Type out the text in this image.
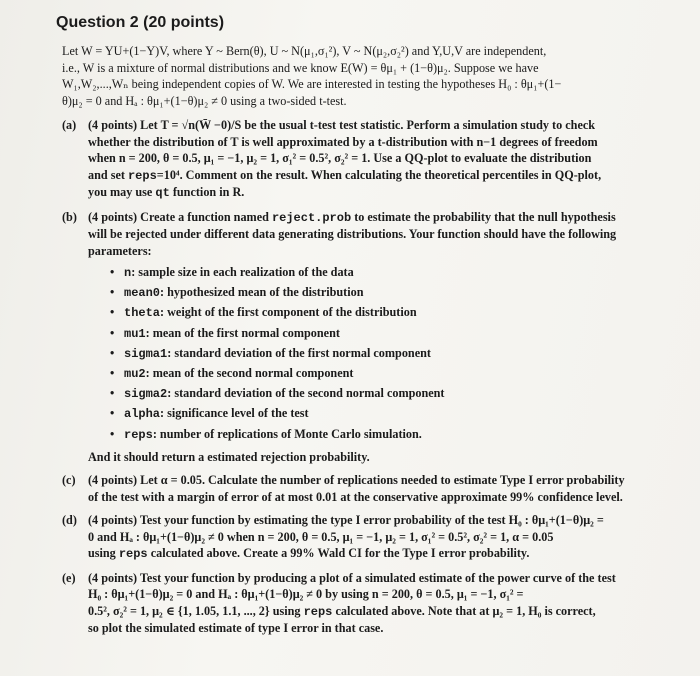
Question 2 (20 points)
Let W = YU+(1−Y)V, where Y ~ Bern(θ), U ~ N(μ₁,σ₁²), V ~ N(μ₂,σ₂²) and Y,U,V are independent,
i.e., W is a mixture of normal distributions and we know E(W) = θμ₁ + (1−θ)μ₂. Suppose we have
W₁,W₂,...,Wₙ being independent copies of W. We are interested in testing the hypotheses H₀ : θμ₁+(1−
θ)μ₂ = 0 and Hₐ : θμ₁+(1−θ)μ₂ ≠ 0 using a two-sided t-test.
(a) (4 points) Let T = √n(W̄ −0)/S be the usual t-test test statistic. Perform a simulation study to check
whether the distribution of T is well approximated by a t-distribution with n−1 degrees of freedom
when n = 200, θ = 0.5, μ₁ = −1, μ₂ = 1, σ₁² = 0.5², σ₂² = 1. Use a QQ-plot to evaluate the distribution
and set reps=10⁴. Comment on the result. When calculating the theoretical percentiles in QQ-plot,
you may use qt function in R.
(b) (4 points) Create a function named reject.prob to estimate the probability that the null hypothesis
will be rejected under different data generating distributions. Your function should have the following
parameters:
• n: sample size in each realization of the data
• mean0: hypothesized mean of the distribution
• theta: weight of the first component of the distribution
• mu1: mean of the first normal component
• sigma1: standard deviation of the first normal component
• mu2: mean of the second normal component
• sigma2: standard deviation of the second normal component
• alpha: significance level of the test
• reps: number of replications of Monte Carlo simulation.
And it should return a estimated rejection probability.
(c)	(4 points) Let α = 0.05. Calculate the number of replications needed to estimate Type I error probability
of the test with a margin of error of at most 0.01 at the conservative approximate 99% confidence level.
(d) (4 points) Test your function by estimating the type I error probability of the test H₀ : θμ₁+(1−θ)μ₂ =
0 and Hₐ : θμ₁+(1−θ)μ₂ ≠ 0 when n = 200, θ = 0.5, μ₁ = −1, μ₂ = 1, σ₁² = 0.5², σ₂² = 1, α = 0.05
using reps calculated above. Create a 99% Wald CI for the Type I error probability.
(e)	(4 points) Test your function by producing a plot of a simulated estimate of the power curve of the test
H₀ : θμ₁+(1−θ)μ₂ = 0 and Hₐ : θμ₁+(1−θ)μ₂ ≠ 0 by using n = 200, θ = 0.5, μ₁ = −1, σ₁² =
0.5², σ₂² = 1, μ₂ ∈ {1, 1.05, 1.1, ..., 2} using reps calculated above. Note that at μ₂ = 1, H₀ is correct,
so plot the simulated estimate of type I error in that case.
